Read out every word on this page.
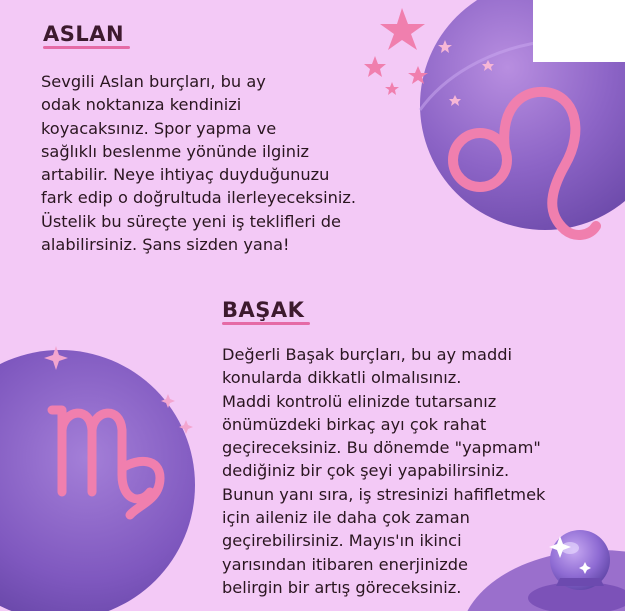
ASLAN

Sevgili Aslan burçları, bu ay
odak noktanıza kendinizi
koyacaksınız. Spor yapma ve
sağlıklı beslenme yönünde ilginiz
artabilir. Neye ihtiyaç duyduğunuzu
fark edip o doğrultuda ilerleyeceksiniz.
Üstelik bu süreçte yeni iş teklifleri de
alabilirsiniz. Şans sizden yana!

BAŞAK

Değerli Başak burçları, bu ay maddi
konularda dikkatli olmalısınız.
Maddi kontrolü elinizde tutarsanız
önümüzdeki birkaç ayı çok rahat
geçireceksiniz. Bu dönemde "yapmam"
dediğiniz bir çok şeyi yapabilirsiniz.
Bunun yanı sıra, iş stresinizi hafifletmek
için aileniz ile daha çok zaman
geçirebilirsiniz. Mayıs'ın ikinci
yarısından itibaren enerjinizde
belirgin bir artış göreceksiniz.
